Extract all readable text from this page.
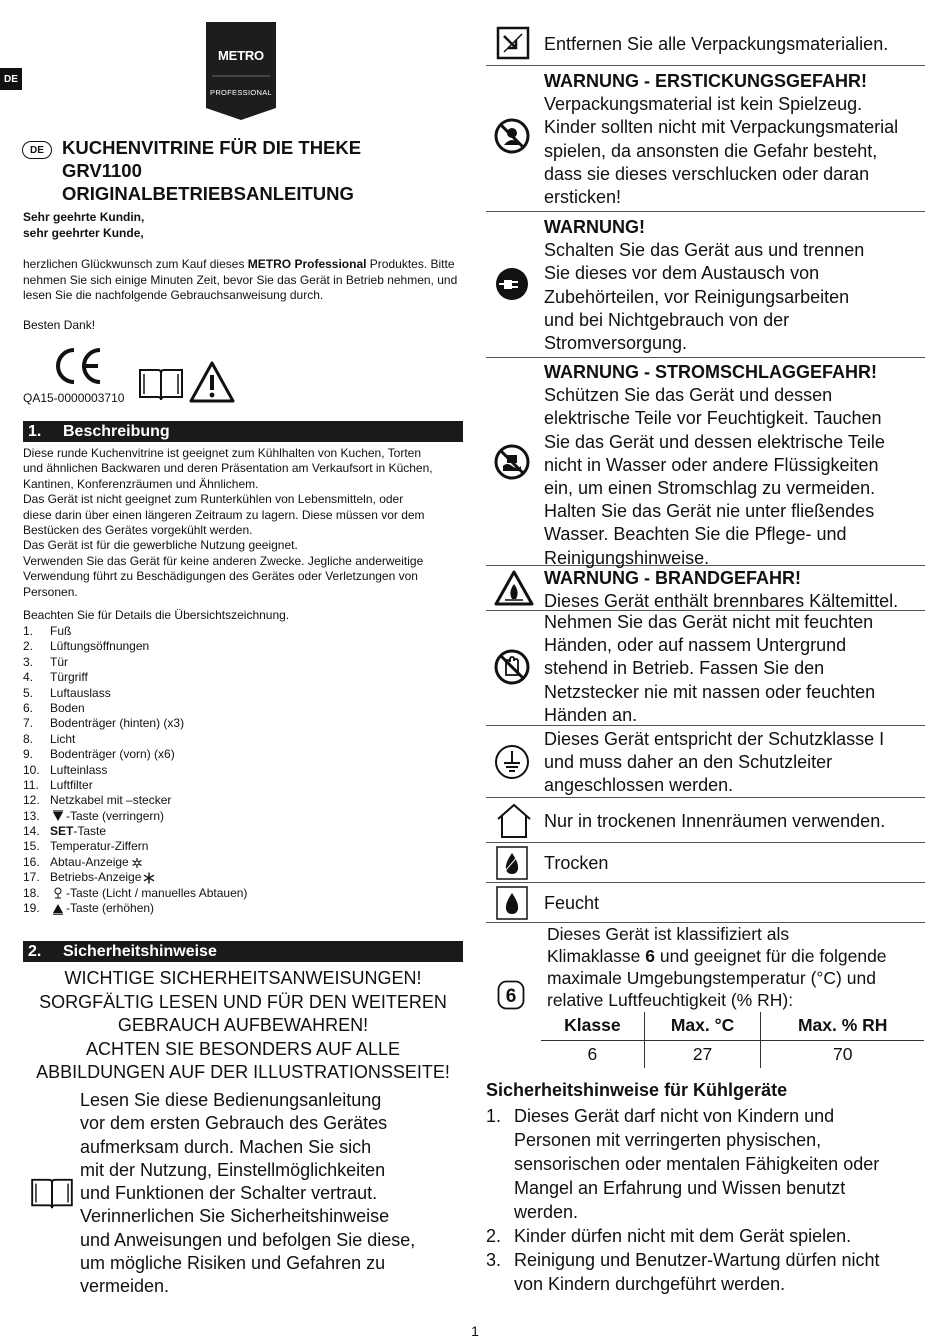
DE
METRO
PROFESSIONAL
DE KUCHENVITRINE FÜR DIE THEKE
GRV1100
ORIGINALBETRIEBSANLEITUNG
Sehr geehrte Kundin,
sehr geehrter Kunde,
herzlichen Glückwunsch zum Kauf dieses METRO Professional Produktes. Bitte nehmen Sie sich einige Minuten Zeit, bevor Sie das Gerät in Betrieb nehmen, und lesen Sie die nachfolgende Gebrauchsanweisung durch.
Besten Dank!
QA15-0000003710
1.	Beschreibung
Diese runde Kuchenvitrine ist geeignet zum Kühlhalten von Kuchen, Torten
und ähnlichen Backwaren und deren Präsentation am Verkaufsort in Küchen,
Kantinen, Konferenzräumen und Ähnlichem.
Das Gerät ist nicht geeignet zum Runterkühlen von Lebensmitteln, oder
diese darin über einen längeren Zeitraum zu lagern. Diese müssen vor dem
Bestücken des Gerätes vorgekühlt werden.
Das Gerät ist für die gewerbliche Nutzung geeignet.
Verwenden Sie das Gerät für keine anderen Zwecke. Jegliche anderweitige
Verwendung führt zu Beschädigungen des Gerätes oder Verletzungen von
Personen.
Beachten Sie für Details die Übersichtszeichnung.
1.	Fuß
2.	Lüftungsöffnungen
3.	Tür
4.	Türgriff
5.	Luftauslass
6.	Boden
7.	Bodenträger (hinten) (x3)
8.	Licht
9.	Bodenträger (vorn) (x6)
10. Lufteinlass
11. Luftfilter
12. Netzkabel mit –stecker
13.	-Taste (verringern)
14. SET -Taste
15. Temperatur-Ziffern
16. Abtau-Anzeige
17. Betriebs-Anzeige
18.	-Taste (Licht / manuelles Abtauen)
19.	-Taste (erhöhen)
2.	Sicherheitshinweise
WICHTIGE SICHERHEITSANWEISUNGEN!
SORGFÄLTIG LESEN UND FÜR DEN WEITEREN
GEBRAUCH AUFBEWAHREN!
ACHTEN SIE BESONDERS AUF ALLE
ABBILDUNGEN AUF DER ILLUSTRATIONSSEITE!
Lesen Sie diese Bedienungsanleitung
vor dem ersten Gebrauch des Gerätes
aufmerksam durch. Machen Sie sich
mit der Nutzung, Einstellmöglichkeiten
und Funktionen der Schalter vertraut.
Verinnerlichen Sie Sicherheitshinweise
und Anweisungen und befolgen Sie diese,
um mögliche Risiken und Gefahren zu
vermeiden.
Entfernen Sie alle Verpackungsmaterialien.
WARNUNG - ERSTICKUNGSGEFAHR!
Verpackungsmaterial ist kein Spielzeug.
Kinder sollten nicht mit Verpackungsmaterial
spielen, da ansonsten die Gefahr besteht,
dass sie dieses verschlucken oder daran
ersticken!
WARNUNG!
Schalten Sie das Gerät aus und trennen
Sie dieses vor dem Austausch von
Zubehörteilen, vor Reinigungsarbeiten
und bei Nichtgebrauch von der
Stromversorgung.
WARNUNG - STROMSCHLAGGEFAHR!
Schützen Sie das Gerät und dessen
elektrische Teile vor Feuchtigkeit. Tauchen
Sie das Gerät und dessen elektrische Teile
nicht in Wasser oder andere Flüssigkeiten
ein, um einen Stromschlag zu vermeiden.
Halten Sie das Gerät nie unter fließendes
Wasser. Beachten Sie die Pflege- und
Reinigungshinweise.
WARNUNG - BRANDGEFAHR!
Dieses Gerät enthält brennbares Kältemittel.
Nehmen Sie das Gerät nicht mit feuchten
Händen, oder auf nassem Untergrund
stehend in Betrieb. Fassen Sie den
Netzstecker nie mit nassen oder feuchten
Händen an.
Dieses Gerät entspricht der Schutzklasse I
und muss daher an den Schutzleiter
angeschlossen werden.
Nur in trockenen Innenräumen verwenden.
Trocken
Feucht
6
Dieses Gerät ist klassifiziert als
Klimaklasse 6 und geeignet für die folgende
maximale Umgebungstemperatur (°C) und
relative Luftfeuchtigkeit (% RH):
Klasse	Max. °C	Max. % RH
6	27	70
Sicherheitshinweise für Kühlgeräte
1. Dieses Gerät darf nicht von Kindern und
Personen mit verringerten physischen,
sensorischen oder mentalen Fähigkeiten oder
Mangel an Erfahrung und Wissen benutzt
werden.
2. Kinder dürfen nicht mit dem Gerät spielen.
3. Reinigung und Benutzer-Wartung dürfen nicht
von Kindern durchgeführt werden.
1
